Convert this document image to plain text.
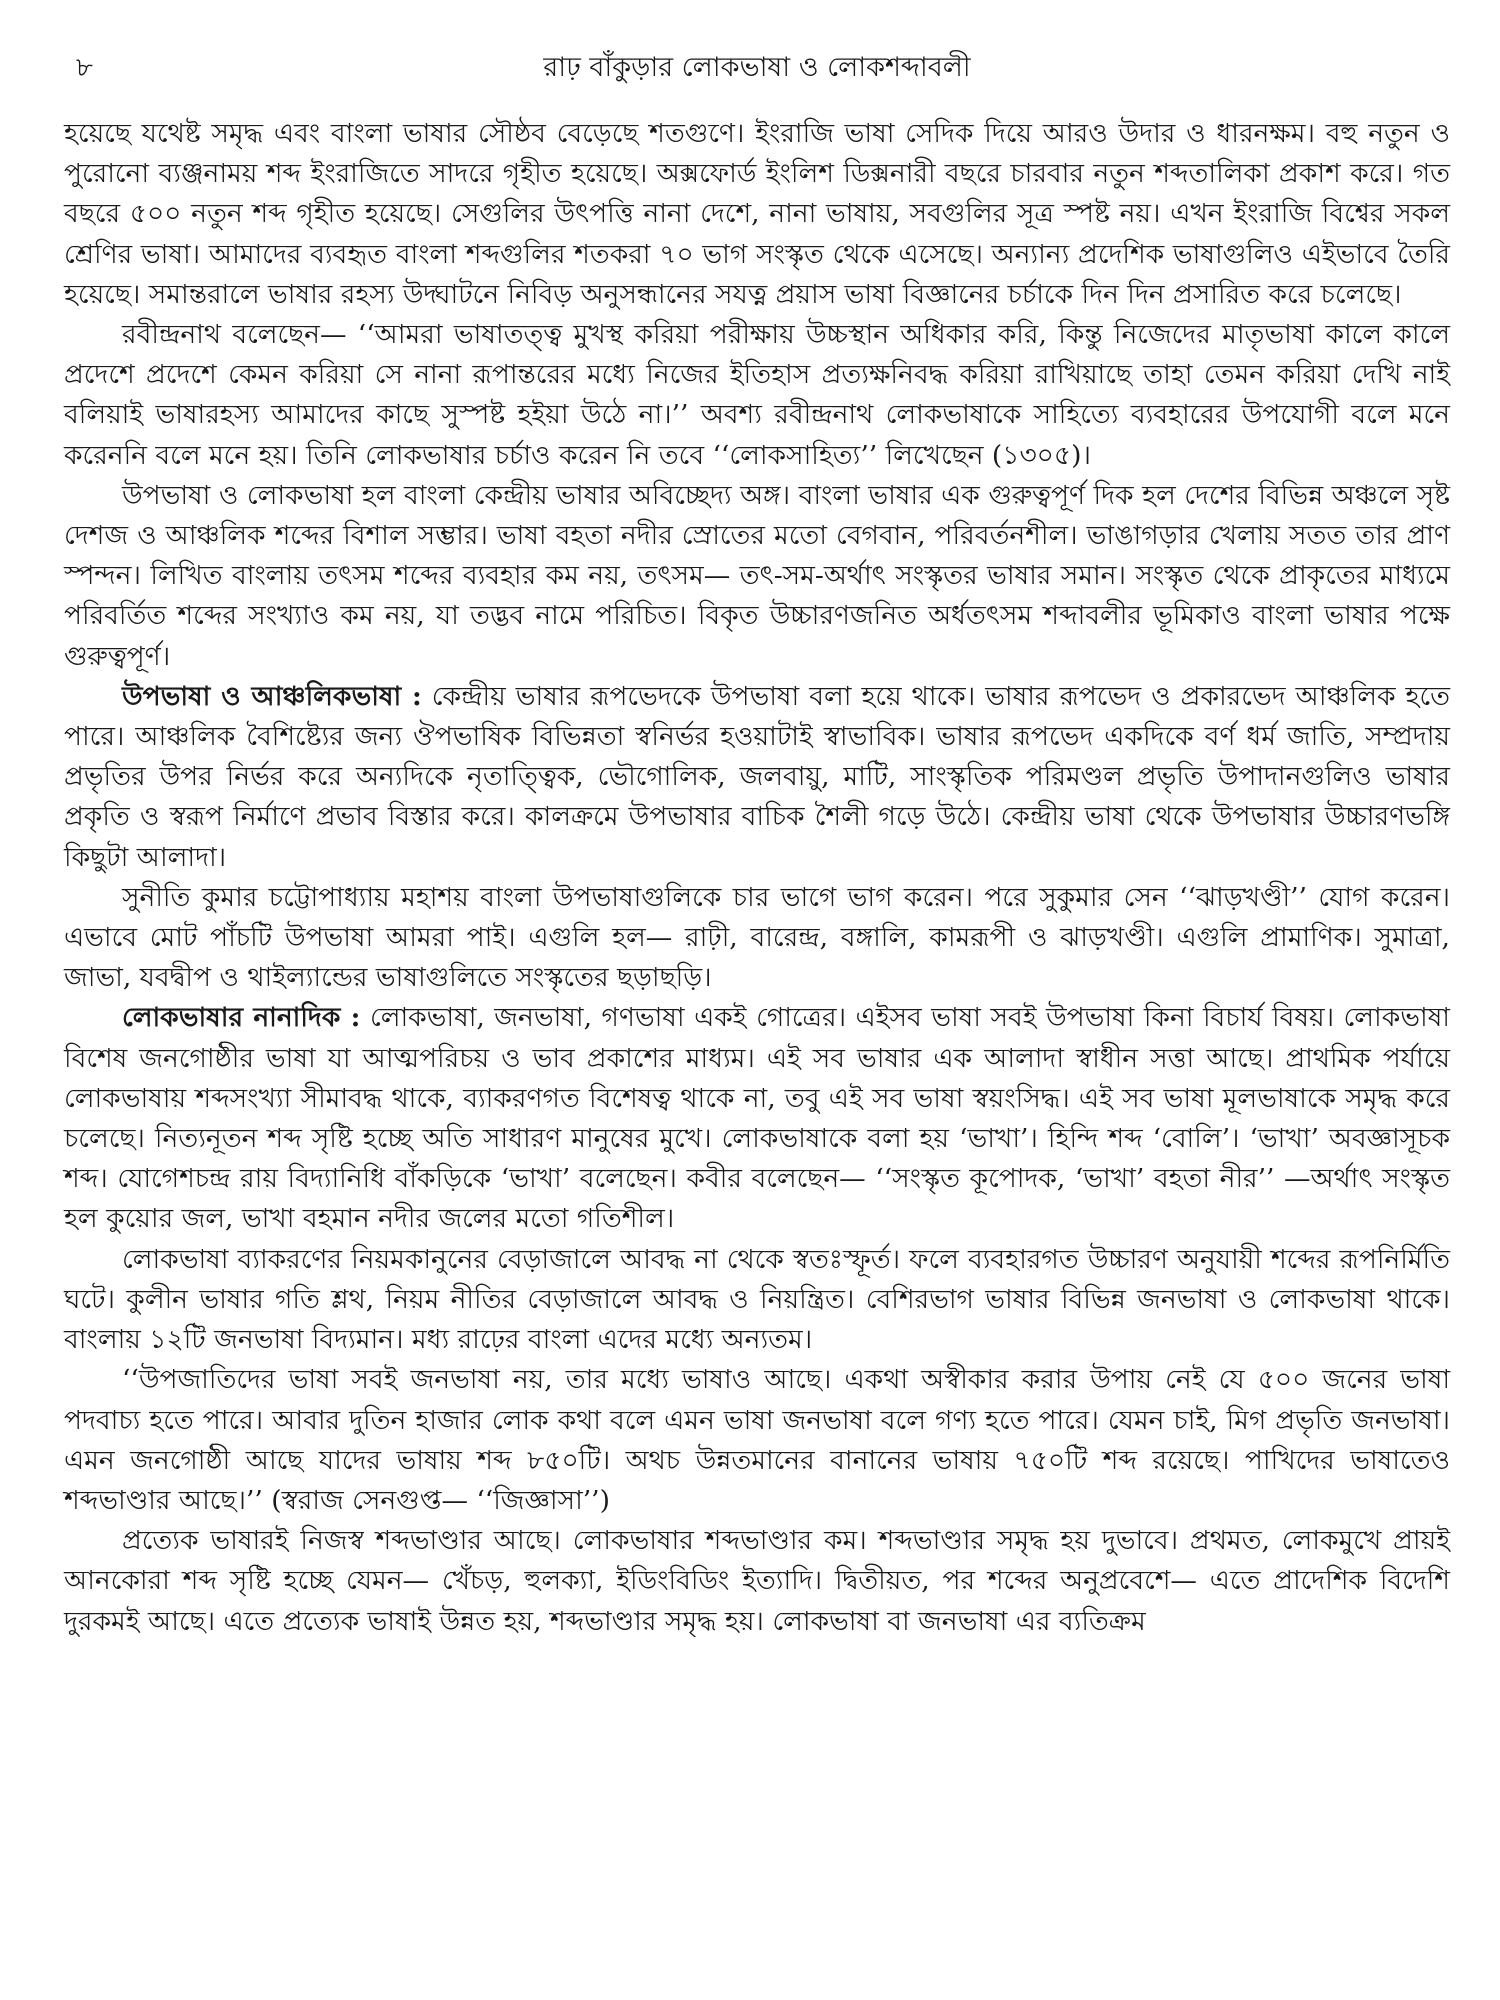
৮	রাঢ় বাঁকুড়ার লোকভাষা ও লোকশব্দাবলী

হয়েছে যথেষ্ট সমৃদ্ধ এবং বাংলা ভাষার সৌষ্ঠব বেড়েছে শতগুণে। ইংরাজি ভাষা সেদিক দিয়ে আরও উদার ও ধারনক্ষম। বহু নতুন ও পুরোনো ব্যঞ্জনাময় শব্দ ইংরাজিতে সাদরে গৃহীত হয়েছে। অক্সফোর্ড ইংলিশ ডিক্সনারী বছরে চারবার নতুন শব্দতালিকা প্রকাশ করে। গত বছরে ৫০০ নতুন শব্দ গৃহীত হয়েছে। সেগুলির উৎপত্তি নানা দেশে, নানা ভাষায়, সবগুলির সূত্র স্পষ্ট নয়। এখন ইংরাজি বিশ্বের সকল শ্রেণির ভাষা। আমাদের ব্যবহৃত বাংলা শব্দগুলির শতকরা ৭০ ভাগ সংস্কৃত থেকে এসেছে। অন্যান্য প্রদেশিক ভাষাগুলিও এইভাবে তৈরি হয়েছে। সমান্তরালে ভাষার রহস্য উদ্ঘাটনে নিবিড় অনুসন্ধানের সযত্ন প্রয়াস ভাষা বিজ্ঞানের চর্চাকে দিন দিন প্রসারিত করে চলেছে।

রবীন্দ্রনাথ বলেছেন— ‘‘আমরা ভাষাতত্ত্ব মুখস্থ করিয়া পরীক্ষায় উচ্চস্থান অধিকার করি, কিন্তু নিজেদের মাতৃভাষা কালে কালে প্রদেশে প্রদেশে কেমন করিয়া সে নানা রূপান্তরের মধ্যে নিজের ইতিহাস প্রত্যক্ষনিবদ্ধ করিয়া রাখিয়াছে তাহা তেমন করিয়া দেখি নাই বলিয়াই ভাষারহস্য আমাদের কাছে সুস্পষ্ট হইয়া উঠে না।’’ অবশ্য রবীন্দ্রনাথ লোকভাষাকে সাহিত্যে ব্যবহারের উপযোগী বলে মনে করেননি বলে মনে হয়। তিনি লোকভাষার চর্চাও করেন নি তবে ‘‘লোকসাহিত্য’’ লিখেছেন (১৩০৫)।

উপভাষা ও লোকভাষা হল বাংলা কেন্দ্রীয় ভাষার অবিচ্ছেদ্য অঙ্গ। বাংলা ভাষার এক গুরুত্বপূর্ণ দিক হল দেশের বিভিন্ন অঞ্চলে সৃষ্ট দেশজ ও আঞ্চলিক শব্দের বিশাল সম্ভার। ভাষা বহতা নদীর স্রোতের মতো বেগবান, পরিবর্তনশীল। ভাঙাগড়ার খেলায় সতত তার প্রাণ স্পন্দন। লিখিত বাংলায় তৎসম শব্দের ব্যবহার কম নয়, তৎসম— তৎ-সম-অর্থাৎ সংস্কৃতর ভাষার সমান। সংস্কৃত থেকে প্রাকৃতের মাধ্যমে পরিবর্তিত শব্দের সংখ্যাও কম নয়, যা তদ্ভব নামে পরিচিত। বিকৃত উচ্চারণজনিত অর্ধতৎসম শব্দাবলীর ভূমিকাও বাংলা ভাষার পক্ষে গুরুত্বপূর্ণ।

উপভাষা ও আঞ্চলিকভাষা : কেন্দ্রীয় ভাষার রূপভেদকে উপভাষা বলা হয়ে থাকে। ভাষার রূপভেদ ও প্রকারভেদ আঞ্চলিক হতে পারে। আঞ্চলিক বৈশিষ্ট্যের জন্য ঔপভাষিক বিভিন্নতা স্বনির্ভর হওয়াটাই স্বাভাবিক। ভাষার রূপভেদ একদিকে বর্ণ ধর্ম জাতি, সম্প্রদায় প্রভৃতির উপর নির্ভর করে অন্যদিকে নৃতাত্ত্বিক, ভৌগোলিক, জলবায়ু, মাটি, সাংস্কৃতিক পরিমণ্ডল প্রভৃতি উপাদানগুলিও ভাষার প্রকৃতি ও স্বরূপ নির্মাণে প্রভাব বিস্তার করে। কালক্রমে উপভাষার বাচিক শৈলী গড়ে উঠে। কেন্দ্রীয় ভাষা থেকে উপভাষার উচ্চারণভঙ্গি কিছুটা আলাদা।

সুনীতি কুমার চট্টোপাধ্যায় মহাশয় বাংলা উপভাষাগুলিকে চার ভাগে ভাগ করেন। পরে সুকুমার সেন ‘‘ঝাড়খণ্ডী’’ যোগ করেন। এভাবে মোট পাঁচটি উপভাষা আমরা পাই। এগুলি হল— রাঢ়ী, বারেন্দ্র, বঙ্গালি, কামরূপী ও ঝাড়খণ্ডী। এগুলি প্রামাণিক। সুমাত্রা, জাভা, যবদ্বীপ ও থাইল্যান্ডের ভাষাগুলিতে সংস্কৃতের ছড়াছড়ি।

লোকভাষার নানাদিক : লোকভাষা, জনভাষা, গণভাষা একই গোত্রের। এইসব ভাষা সবই উপভাষা কিনা বিচার্য বিষয়। লোকভাষা বিশেষ জনগোষ্ঠীর ভাষা যা আত্মপরিচয় ও ভাব প্রকাশের মাধ্যম। এই সব ভাষার এক আলাদা স্বাধীন সত্তা আছে। প্রাথমিক পর্যায়ে লোকভাষায় শব্দসংখ্যা সীমাবদ্ধ থাকে, ব্যাকরণগত বিশেষত্ব থাকে না, তবু এই সব ভাষা স্বয়ংসিদ্ধ। এই সব ভাষা মূলভাষাকে সমৃদ্ধ করে চলেছে। নিত্যনূতন শব্দ সৃষ্টি হচ্ছে অতি সাধারণ মানুষের মুখে। লোকভাষাকে বলা হয় ‘ভাখা’। হিন্দি শব্দ ‘বোলি’। ‘ভাখা’ অবজ্ঞাসূচক শব্দ। যোগেশচন্দ্র রায় বিদ্যানিধি বাঁকড়িকে ‘ভাখা’ বলেছেন। কবীর বলেছেন— ‘‘সংস্কৃত কূপোদক, ‘ভাখা’ বহতা নীর’’ —অর্থাৎ সংস্কৃত হল কুয়োর জল, ভাখা বহমান নদীর জলের মতো গতিশীল।

লোকভাষা ব্যাকরণের নিয়মকানুনের বেড়াজালে আবদ্ধ না থেকে স্বতঃস্ফূর্ত। ফলে ব্যবহারগত উচ্চারণ অনুযায়ী শব্দের রূপনির্মিতি ঘটে। কুলীন ভাষার গতি শ্লথ, নিয়ম নীতির বেড়াজালে আবদ্ধ ও নিয়ন্ত্রিত। বেশিরভাগ ভাষার বিভিন্ন জনভাষা ও লোকভাষা থাকে। বাংলায় ১২টি জনভাষা বিদ্যমান। মধ্য রাঢ়ের বাংলা এদের মধ্যে অন্যতম।

‘‘উপজাতিদের ভাষা সবই জনভাষা নয়, তার মধ্যে ভাষাও আছে। একথা অস্বীকার করার উপায় নেই যে ৫০০ জনের ভাষা পদবাচ্য হতে পারে। আবার দুতিন হাজার লোক কথা বলে এমন ভাষা জনভাষা বলে গণ্য হতে পারে। যেমন চাই, মিগ প্রভৃতি জনভাষা। এমন জনগোষ্ঠী আছে যাদের ভাষায় শব্দ ৮৫০টি। অথচ উন্নতমানের বানানের ভাষায় ৭৫০টি শব্দ রয়েছে। পাখিদের ভাষাতেও শব্দভাণ্ডার আছে।’’ (স্বরাজ সেনগুপ্ত— ‘‘জিজ্ঞাসা’’)

প্রত্যেক ভাষারই নিজস্ব শব্দভাণ্ডার আছে। লোকভাষার শব্দভাণ্ডার কম। শব্দভাণ্ডার সমৃদ্ধ হয় দুভাবে। প্রথমত, লোকমুখে প্রায়ই আনকোরা শব্দ সৃষ্টি হচ্ছে যেমন— খেঁচড়, হুলক্যা, ইডিংবিডিং ইত্যাদি। দ্বিতীয়ত, পর শব্দের অনুপ্রবেশে— এতে প্রাদেশিক বিদেশি দুরকমই আছে। এতে প্রত্যেক ভাষাই উন্নত হয়, শব্দভাণ্ডার সমৃদ্ধ হয়। লোকভাষা বা জনভাষা এর ব্যতিক্রম
